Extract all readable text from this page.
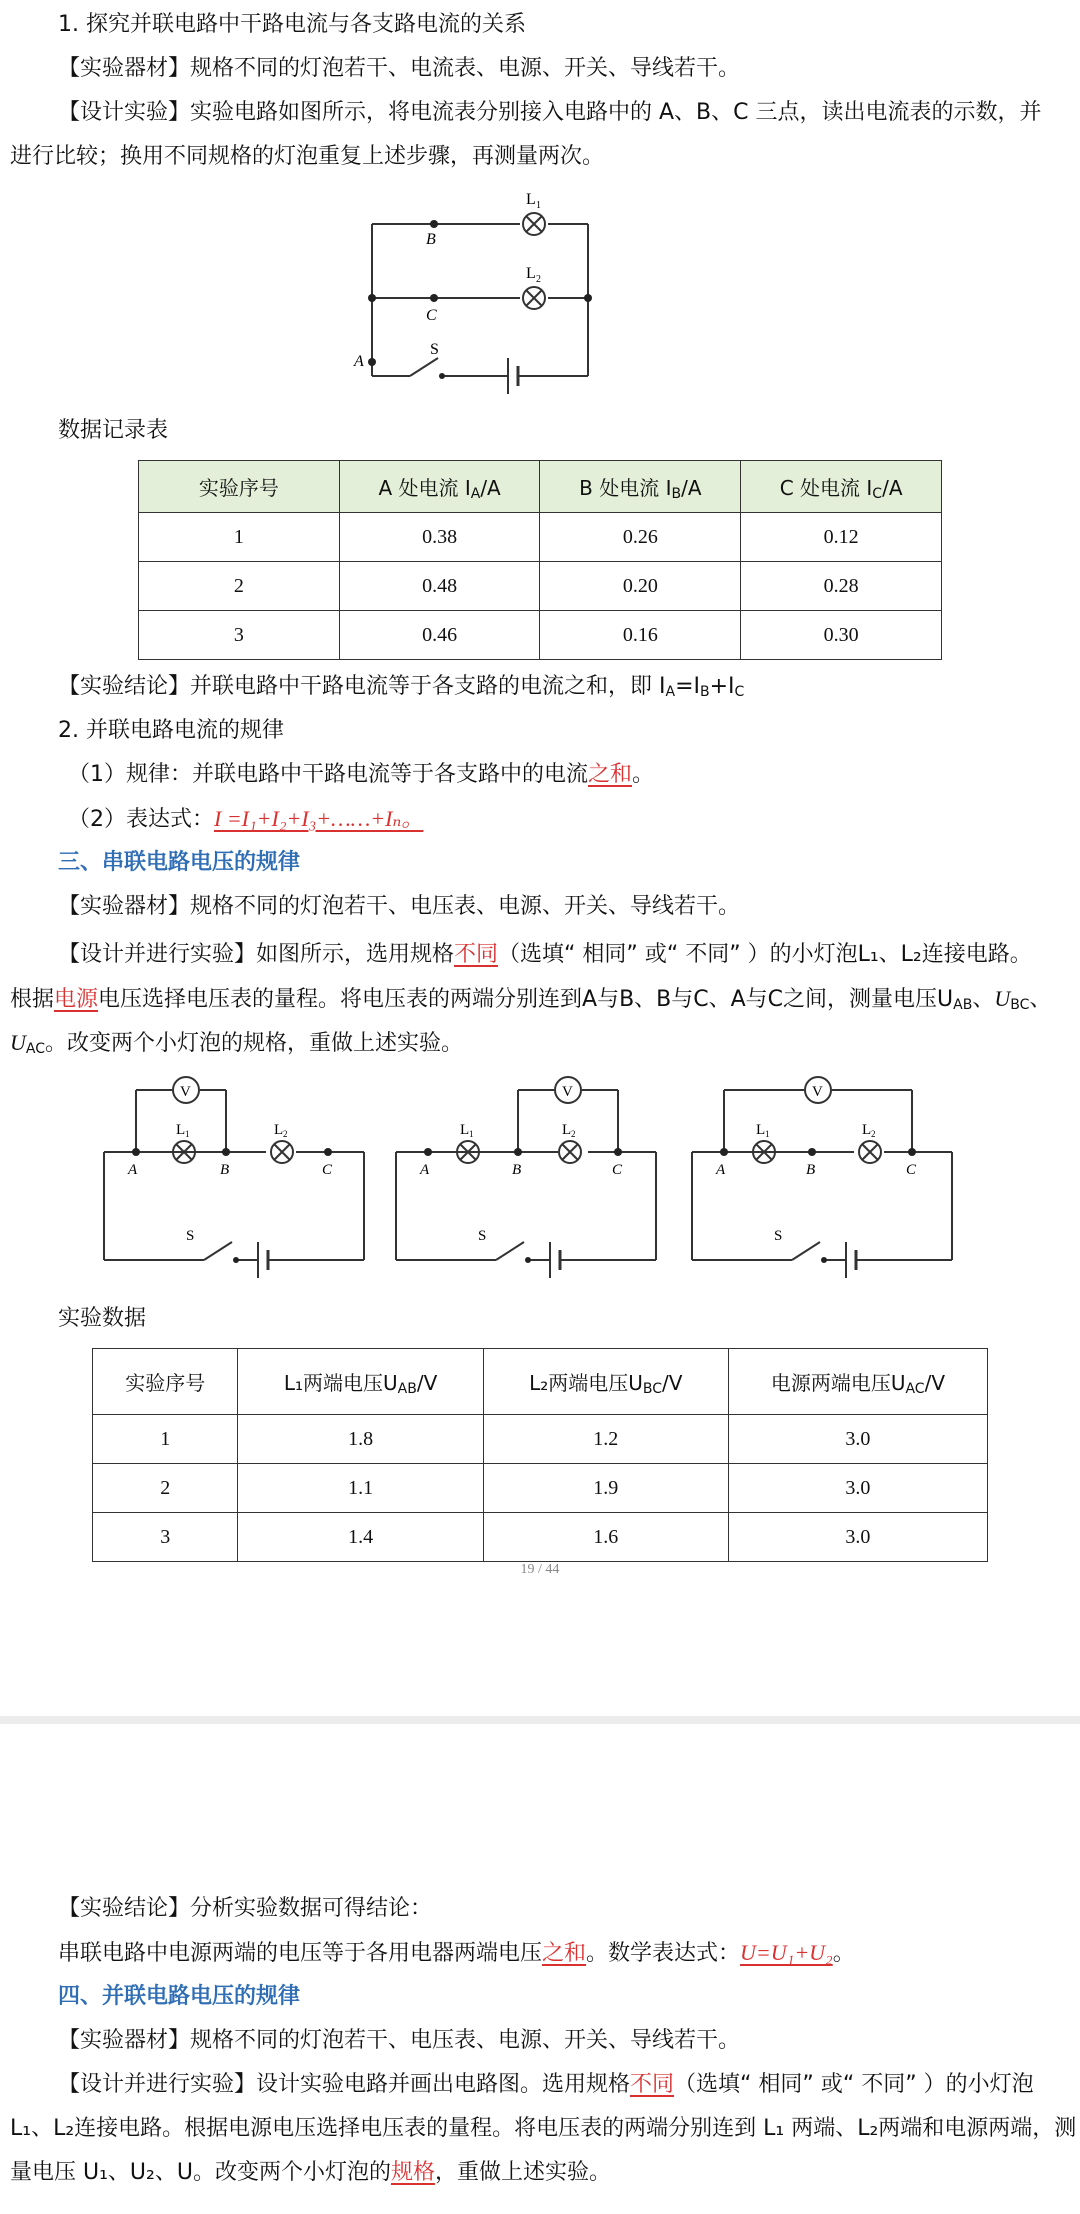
1. 探究并联电路中干路电流与各支路电流的关系
【实验器材】规格不同的灯泡若干、电流表、电源、开关、导线若干。
【设计实验】实验电路如图所示，将电流表分别接入电路中的 A、B、C 三点，读出电流表的示数，并
进行比较；换用不同规格的灯泡重复上述步骤，再测量两次。
L 1
L 2
B
C
A
S
数据记录表
实验序号	A 处电流 $I_A/A$	B 处电流 $I_B/A$	C 处电流 $I_C/A$
1	0.38	0.26	0.12
2	0.48	0.20	0.28
3	0.46	0.16	0.30
【实验结论】并联电路中干路电流等于各支路的电流之和，即 $I_A=I_B+I_C$
2. 并联电路电流的规律
（1）规律：并联电路中干路电流等于各支路中的电流之和。
（2）表达式：I =I₁+I₂+I₃+……+Iₙ。
三、串联电路电压的规律
【实验器材】规格不同的灯泡若干、电压表、电源、开关、导线若干。
【设计并进行实验】如图所示，选用规格不同（选填“ 相同” 或“ 不同” ）的小灯泡L₁、L₂连接电路。
根据电源电压选择电压表的量程。将电压表的两端分别连到A与B、B与C、A与C之间，测量电压$U_{AB}$、$U_{BC}$、
$U_{AC}$。改变两个小灯泡的规格，重做上述实验。
V
L 1	L 2
A	B	C
S
V
L 1	L 2
A	B	C
S
V
L 1	L 2
A	B	C
S
实验数据
实验序号	L₁两端电压$U_{AB}/V$	L₂两端电压$U_{BC}/V$	电源两端电压$U_{AC}/V$
1	1.8	1.2	3.0
2	1.1	1.9	3.0
3	1.4	1.6	3.0
19 / 44
【实验结论】分析实验数据可得结论：
串联电路中电源两端的电压等于各用电器两端电压之和。数学表达式：U=U₁+U₂。
四、并联电路电压的规律
【实验器材】规格不同的灯泡若干、电压表、电源、开关、导线若干。
【设计并进行实验】设计实验电路并画出电路图。选用规格不同（选填“ 相同” 或“ 不同” ）的小灯泡
L₁、L₂连接电路。根据电源电压选择电压表的量程。将电压表的两端分别连到 L₁ 两端、L₂两端和电源两端，测
量电压 U₁、U₂、U。改变两个小灯泡的规格，重做上述实验。
